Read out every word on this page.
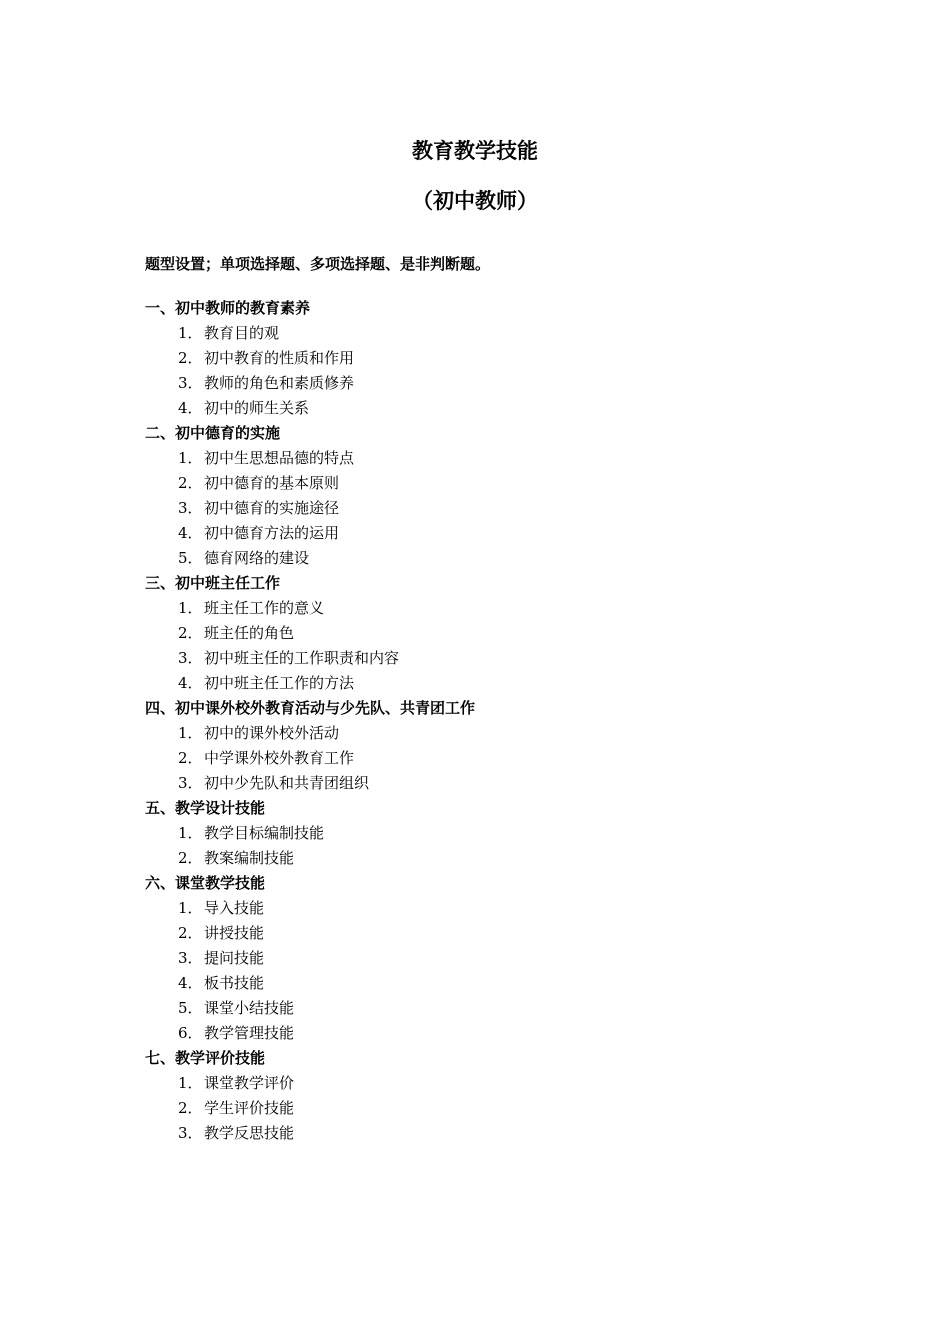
教育教学技能
（初中教师）
题型设置；单项选择题、多项选择题、是非判断题。
一、初中教师的教育素养
1．教育目的观
2．初中教育的性质和作用
3．教师的角色和素质修养
4．初中的师生关系
二、初中德育的实施
1．初中生思想品德的特点
2．初中德育的基本原则
3．初中德育的实施途径
4．初中德育方法的运用
5．德育网络的建设
三、初中班主任工作
1．班主任工作的意义
2．班主任的角色
3．初中班主任的工作职责和内容
4．初中班主任工作的方法
四、初中课外校外教育活动与少先队、共青团工作
1．初中的课外校外活动
2．中学课外校外教育工作
3．初中少先队和共青团组织
五、教学设计技能
1．教学目标编制技能
2．教案编制技能
六、课堂教学技能
1．导入技能
2．讲授技能
3．提问技能
4．板书技能
5．课堂小结技能
6．教学管理技能
七、教学评价技能
1．课堂教学评价
2．学生评价技能
3．教学反思技能
